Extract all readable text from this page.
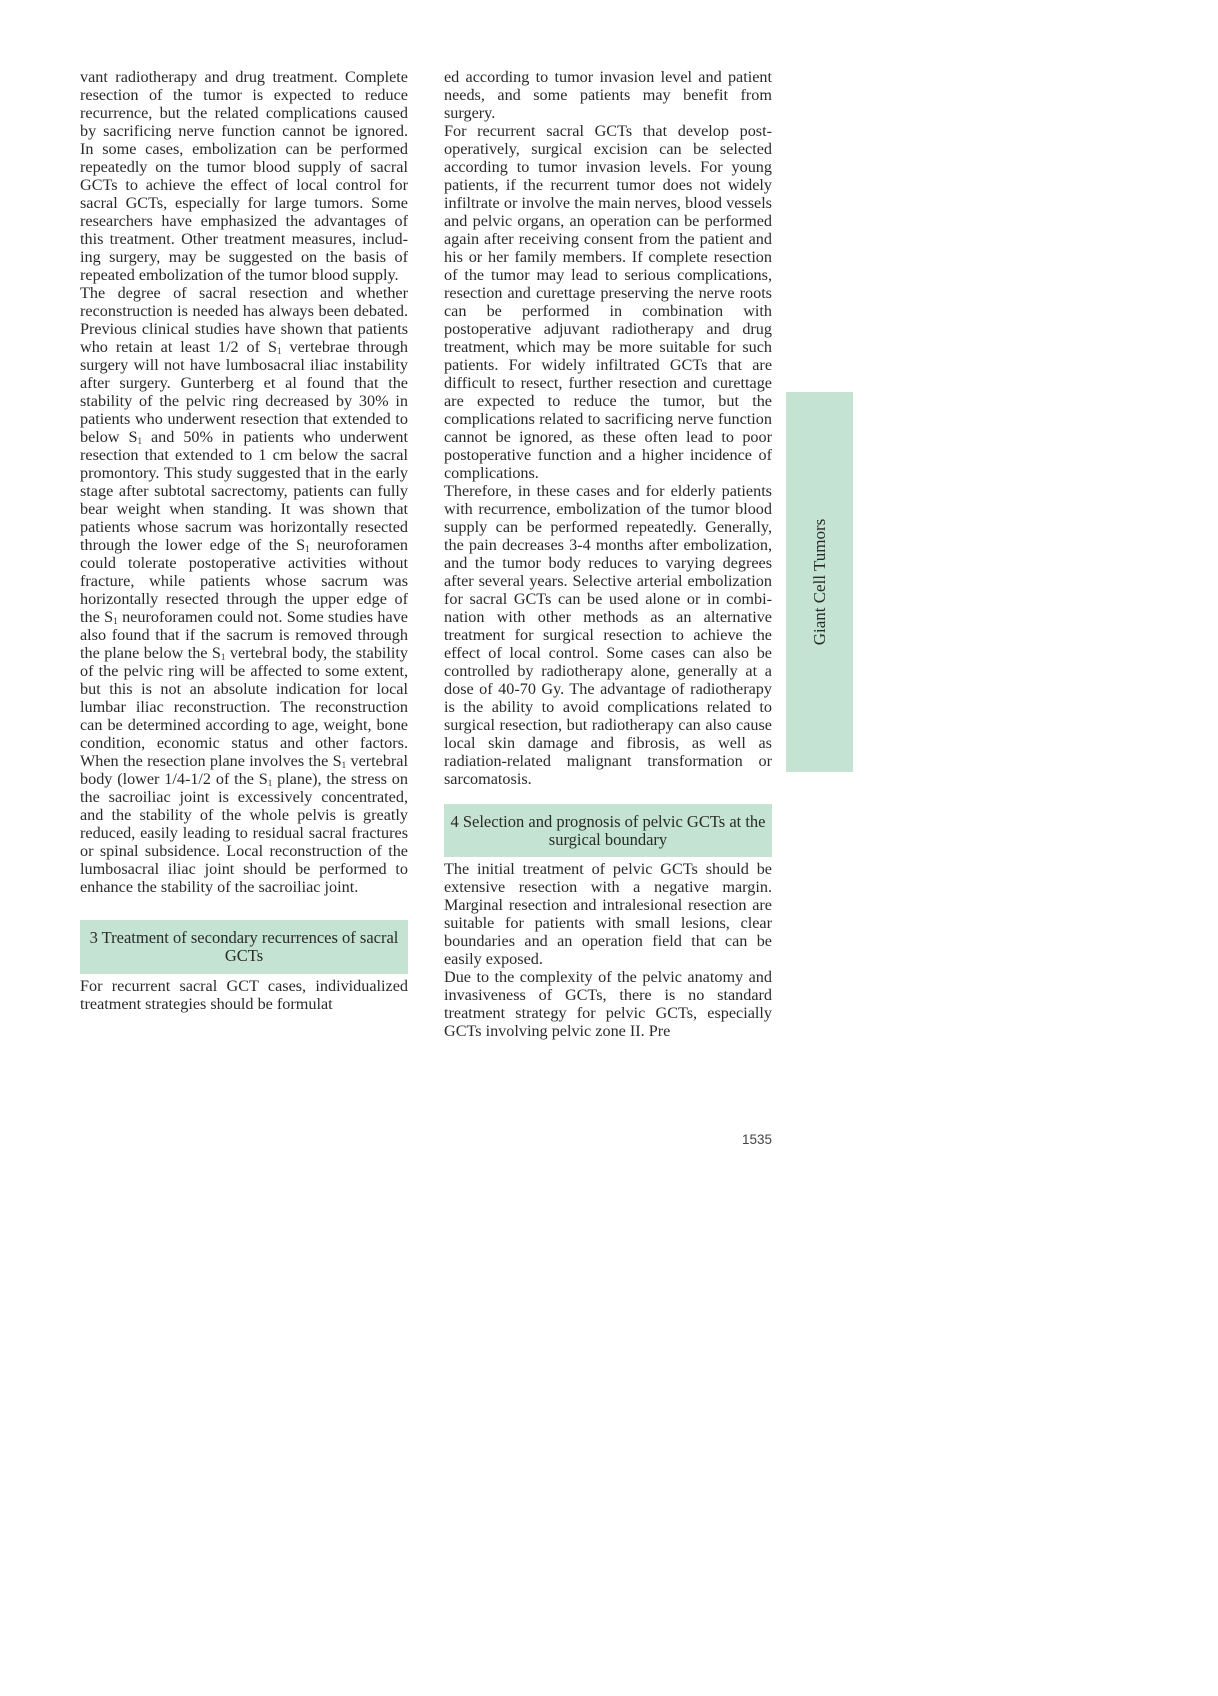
vant radiotherapy and drug treatment. Complete resection of the tumor is expected to reduce recurrence, but the related complications caused by sacrificing nerve function cannot be ignored. In some cases, embolization can be performed repeatedly on the tumor blood supply of sacral GCTs to achieve the effect of local control for sacral GCTs, especially for large tumors. Some researchers have emphasized the advantages of this treatment. Other treatment measures, including surgery, may be suggested on the basis of repeated embolization of the tumor blood supply.

The degree of sacral resection and whether reconstruction is needed has always been debated. Previous clinical studies have shown that patients who retain at least 1/2 of $S_1$ vertebrae through surgery will not have lumbosacral iliac instability after surgery. Gunterberg et al found that the stability of the pelvic ring decreased by 30% in patients who underwent resection that extended to below $S_1$ and 50% in patients who underwent resection that extended to 1 cm below the sacral promontory. This study suggested that in the early stage after subtotal sacrectomy, patients can fully bear weight when standing. It was shown that patients whose sacrum was horizontally resected through the lower edge of the $S_1$ neuroforamen could tolerate postoperative activities without fracture, while patients whose sacrum was horizontally resected through the upper edge of the $S_1$ neuroforamen could not. Some studies have also found that if the sacrum is removed through the plane below the $S_1$ vertebral body, the stability of the pelvic ring will be affected to some extent, but this is not an absolute indication for local lumbar iliac reconstruction. The reconstruction can be determined according to age, weight, bone condition, economic status and other factors. When the resection plane involves the $S_1$ vertebral body (lower 1/4-1/2 of the $S_1$ plane), the stress on the sacroiliac joint is excessively concentrated, and the stability of the whole pelvis is greatly reduced, easily leading to residual sacral fractures or spinal subsidence. Local reconstruction of the lumbosacral iliac joint should be performed to enhance the stability of the sacroiliac joint.

3 Treatment of secondary recurrences of sacral GCTs

For recurrent sacral GCT cases, individualized treatment strategies should be formulat

ed according to tumor invasion level and patient needs, and some patients may benefit from surgery.

For recurrent sacral GCTs that develop postoperatively, surgical excision can be selected according to tumor invasion levels. For young patients, if the recurrent tumor does not widely infiltrate or involve the main nerves, blood vessels and pelvic organs, an operation can be performed again after receiving consent from the patient and his or her family members. If complete resection of the tumor may lead to serious complications, resection and curettage preserving the nerve roots can be performed in combination with postoperative adjuvant radiotherapy and drug treatment, which may be more suitable for such patients. For widely infiltrated GCTs that are difficult to resect, further resection and curettage are expected to reduce the tumor, but the complications related to sacrificing nerve function cannot be ignored, as these often lead to poor postoperative function and a higher incidence of complications.

Therefore, in these cases and for elderly patients with recurrence, embolization of the tumor blood supply can be performed repeatedly. Generally, the pain decreases 3-4 months after embolization, and the tumor body reduces to varying degrees after several years. Selective arterial embolization for sacral GCTs can be used alone or in combination with other methods as an alternative treatment for surgical resection to achieve the effect of local control. Some cases can also be controlled by radiotherapy alone, generally at a dose of 40-70 Gy. The advantage of radiotherapy is the ability to avoid complications related to surgical resection, but radiotherapy can also cause local skin damage and fibrosis, as well as radiation-related malignant transformation or sarcomatosis.

4 Selection and prognosis of pelvic GCTs at the surgical boundary

The initial treatment of pelvic GCTs should be extensive resection with a negative margin. Marginal resection and intralesional resection are suitable for patients with small lesions, clear boundaries and an operation field that can be easily exposed.

Due to the complexity of the pelvic anatomy and invasiveness of GCTs, there is no standard treatment strategy for pelvic GCTs, especially GCTs involving pelvic zone II. Pre

Giant Cell Tumors
1535
